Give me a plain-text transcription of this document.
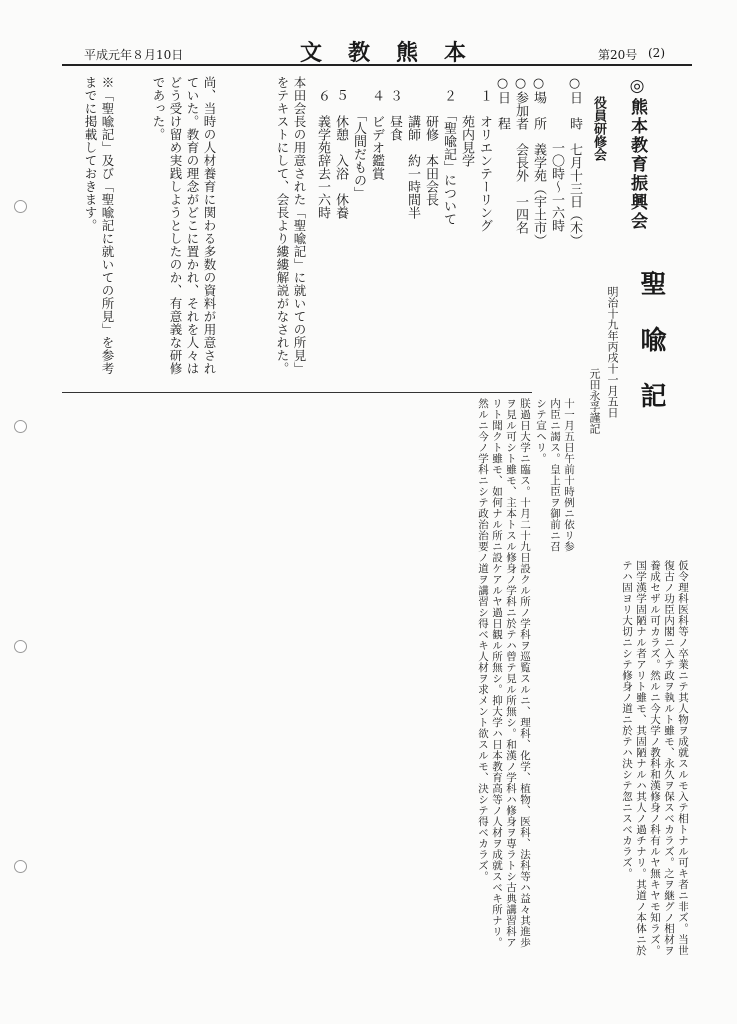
平成元年８月10日	文教熊本	第20号 (2)
◎熊本教育振興会
役員研修会
○日　時　七月十三日（木）
　　　　　一〇時～一六時
○場　所　義学苑（宇土市）
○参加者　会長外　一四名
○日　程
　１　オリエンテーリング
　　　苑内見学
　２　「聖喩記」について
　　　研修　本田会長
　　　講師　約一時間半
　３　昼食
　４　ビデオ鑑賞
　　　「人間だもの」
　５　休憩　入浴　休養
　６　義学苑辞去一六時
本田会長の用意された「聖喩記」に就いての所見」をテキストにして、会長より縷縷解説がなされた。
尚、当時の人材養育に関わる多数の資料が用意されていた。教育の理念がどこに置かれ、それを人々はどう受け留め実践しようとしたのか、有意義な研修であった。
※「聖喩記」及び「聖喩記に就いての所見」を参考までに掲載しておきます。
聖喩記
明治十九年丙戌十一月五日
元田永孚謹記
十一月五日午前十時例ニ依リ参内臣ニ謁ス。皇上臣ヲ御前ニ召シテ宣ヘリ。
朕過日大学ニ臨ス。十月二十九日設クル所ノ学科ヲ巡覧スルニ、理科、化学、植物、医科、法科等ハ益々其進歩ヲ見ル可シト雖モ、主本トスル修身ノ学科ニ於テハ曾テ見ル所無シ。和漢ノ学科ハ修身ヲ専ラトシ古典講習科アリト聞クト雖モ、如何ナル所ニ設ケアルヤ過日観ル所無シ。抑大学ハ日本教育高等ノ人材ヲ成就スベキ所ナリ。然ルニ今ノ学科ニシテ政治治要ノ道ヲ講習シ得ベキ人材ヲ求メント欲スルモ、決シテ得ベカラズ。	仮令理科医科等ノ卒業ニテ其人物ヲ成就スルモ入テ相トナル可キ者ニ非ズ。当世復古ノ功臣内閣ニ入テ政ヲ執ルト雖モ、永久ヲ保スベカラズ。之ヲ継グノ相材ヲ養成セザル可カラズ。然ルニ今大学ノ教科和漢修身ノ科有ルヤ無キヤモ知ラズ。国学漢学固陋ナル者アリト雖モ、其固陋ナルハ其人ノ過チナリ。其道ノ本体ニ於テハ固ヨリ大切ニシテ修身ノ道ニ於テハ決シテ忽ニスベカラズ。
